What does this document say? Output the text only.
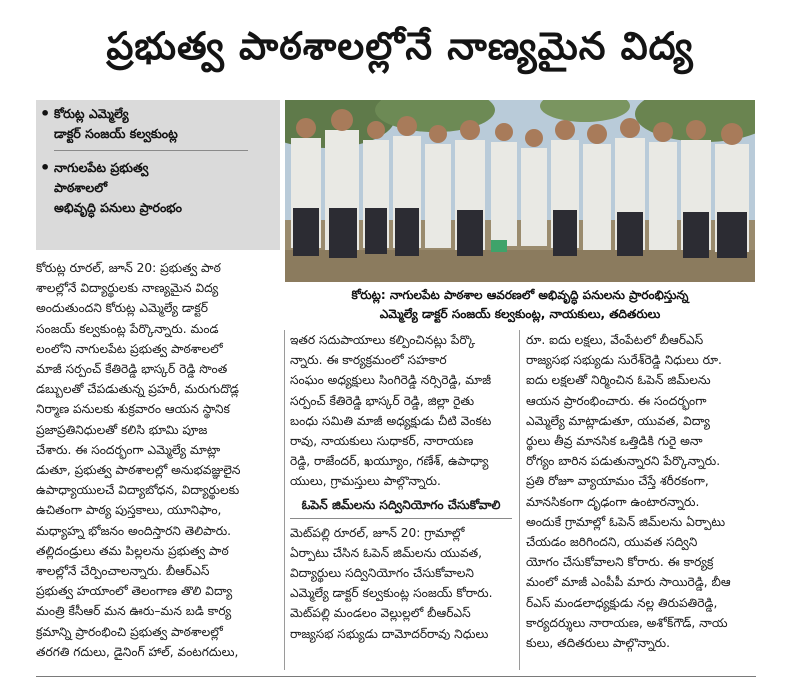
ప్రభుత్వ పాఠశాలల్లోనే నాణ్యమైన విద్య
• కోరుట్ల ఎమ్మెల్యే
డాక్టర్ సంజయ్ కల్వకుంట్ల
• నాగులపేట ప్రభుత్వ
పాఠశాలలో
అభివృద్ధి పనులు ప్రారంభం
కోరుట్ల: నాగులపేట పాఠశాల ఆవరణలో అభివృద్ధి పనులను ప్రారంభిస్తున్న
ఎమ్మెల్యే డాక్టర్ సంజయ్ కల్వకుంట్ల, నాయకులు, తదితరులు
కోరుట్ల రూరల్, జూన్ 20: ప్రభుత్వ పాఠ
శాలల్లోనే విద్యార్థులకు నాణ్యమైన విద్య
అందుతుందని కోరుట్ల ఎమ్మెల్యే డాక్టర్
సంజయ్ కల్వకుంట్ల పేర్కొన్నారు. మండ
లంలోని నాగులపేట ప్రభుత్వ పాఠశాలలో
మాజీ సర్పంచ్ కేతిరెడ్డి భాస్కర్ రెడ్డి సొంత
డబ్బులతో చేపడుతున్న ప్రహరీ, మరుగుదొడ్ల
నిర్మాణ పనులకు శుక్రవారం ఆయన స్థానిక
ప్రజాప్రతినిధులతో కలిసి భూమి పూజ
చేశారు. ఈ సందర్భంగా ఎమ్మెల్యే మాట్లా
డుతూ, ప్రభుత్వ పాఠశాలల్లో అనుభవజ్ఞులైన
ఉపాధ్యాయులచే విద్యాబోధన, విద్యార్థులకు
ఉచితంగా పాఠ్య పుస్తకాలు, యూనిఫాం,
మధ్యాహ్న భోజనం అందిస్తారని తెలిపారు.
తల్లిదండ్రులు తమ పిల్లలను ప్రభుత్వ పాఠ
శాలల్లోనే చేర్పించాలన్నారు. బీఆర్ఎస్
ప్రభుత్వ హయాంలో తెలంగాణ తొలి విద్యా
మంత్రి కేసీఆర్ మన ఊరు–మన బడి కార్య
క్రమాన్ని ప్రారంభించి ప్రభుత్వ పాఠశాలల్లో
తరగతి గదులు, డైనింగ్ హాల్, వంటగదులు,
ఇతర సదుపాయాలు కల్పించినట్లు పేర్కొ
న్నారు. ఈ కార్యక్రమంలో సహకార
సంఘం అధ్యక్షులు సింగిరెడ్డి నర్సిరెడ్డి, మాజీ
సర్పంచ్ కేతిరెడ్డి భాస్కర్ రెడ్డి, జిల్లా రైతు
బంధు సమితి మాజీ అధ్యక్షుడు చీటి వెంకట
రావు, నాయకులు సుధాకర్, నారాయణ
రెడ్డి, రాజేందర్, ఖయ్యూం, గణేశ్, ఉపాధ్యా
యులు, గ్రామస్తులు పాల్గొన్నారు.
ఓపెన్ జిమ్‌లను సద్వినియోగం చేసుకోవాలి
మెట్‌పల్లి రూరల్, జూన్ 20: గ్రామాల్లో
ఏర్పాటు చేసిన ఓపెన్ జిమ్‌లను యువత,
విద్యార్థులు సద్వినియోగం చేసుకోవాలని
ఎమ్మెల్యే డాక్టర్ కల్వకుంట్ల సంజయ్ కోరారు.
మెట్‌పల్లి మండలం వెల్లుల్లలో బీఆర్ఎస్
రాజ్యసభ సభ్యుడు దామోదర్‌రావు నిధులు
రూ. ఐదు లక్షలు, వేంపేటలో బీఆర్ఎస్
రాజ్యసభ సభ్యుడు సురేశ్‌రెడ్డి నిధులు రూ.
ఐదు లక్షలతో నిర్మించిన ఓపెన్ జిమ్‌లను
ఆయన ప్రారంభించారు. ఈ సందర్భంగా
ఎమ్మెల్యే మాట్లాడుతూ, యువత, విద్యా
ర్థులు తీవ్ర మానసిక ఒత్తిడికి గురై అనా
రోగ్యం బారిన పడుతున్నారని పేర్కొన్నారు.
ప్రతి రోజూ వ్యాయామం చేస్తే శరీరకంగా,
మానసికంగా దృఢంగా ఉంటారన్నారు.
అందుకే గ్రామాల్లో ఓపెన్ జిమ్‌లను ఏర్పాటు
చేయడం జరిగిందని, యువత సద్విని
యోగం చేసుకోవాలని కోరారు. ఈ కార్యక్ర
మంలో మాజీ ఎంపీపీ మారు సాయిరెడ్డి, బీఆ
ర్ఎస్ మండలాధ్యక్షుడు నల్ల తిరుపతిరెడ్డి,
కార్యదర్శులు నారాయణ, అశోక్‌గౌడ్, నాయ
కులు, తదితరులు పాల్గొన్నారు.
